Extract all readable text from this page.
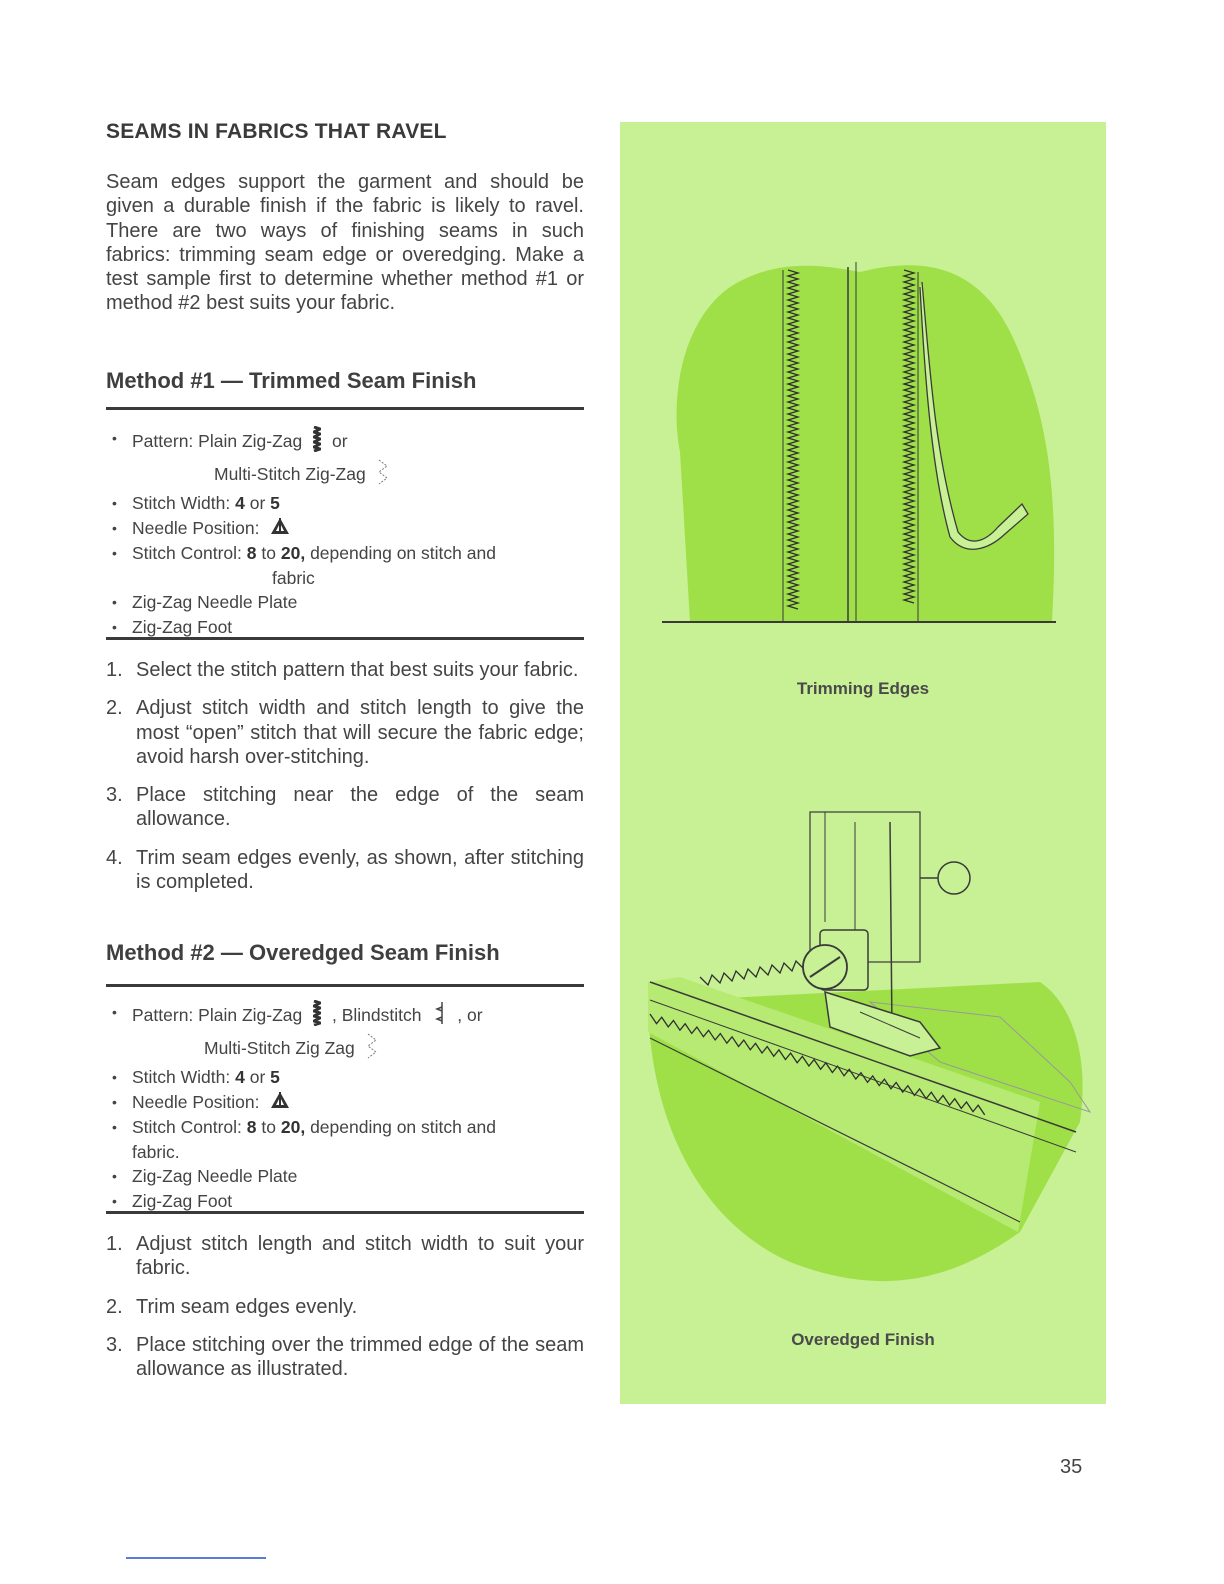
SEAMS IN FABRICS THAT RAVEL

Seam edges support the garment and should be given a durable finish if the fabric is likely to ravel. There are two ways of finishing seams in such fabrics: trimming seam edge or overedging. Make a test sample first to determine whether method #1 or method #2 best suits your fabric.

Method #1 — Trimmed Seam Finish
• Pattern: Plain Zig-Zag or
Multi-Stitch Zig-Zag
• Stitch Width: 4 or 5
• Needle Position:
• Stitch Control: 8 to 20, depending on stitch and
fabric
• Zig-Zag Needle Plate
• Zig-Zag Foot
1. Select the stitch pattern that best suits your fabric.
2. Adjust stitch width and stitch length to give the most “open” stitch that will secure the fabric edge; avoid harsh over-stitching.
3. Place stitching near the edge of the seam allowance.
4. Trim seam edges evenly, as shown, after stitching is completed.
Method #2 — Overedged Seam Finish
• Pattern: Plain Zig-Zag , Blindstitch , or
Multi-Stitch Zig Zag
• Stitch Width: 4 or 5
• Needle Position:
• Stitch Control: 8 to 20, depending on stitch and
fabric.
• Zig-Zag Needle Plate
• Zig-Zag Foot
1. Adjust stitch length and stitch width to suit your fabric.
2. Trim seam edges evenly.
3. Place stitching over the trimmed edge of the seam allowance as illustrated.
Trimming Edges
Overedged Finish
35
